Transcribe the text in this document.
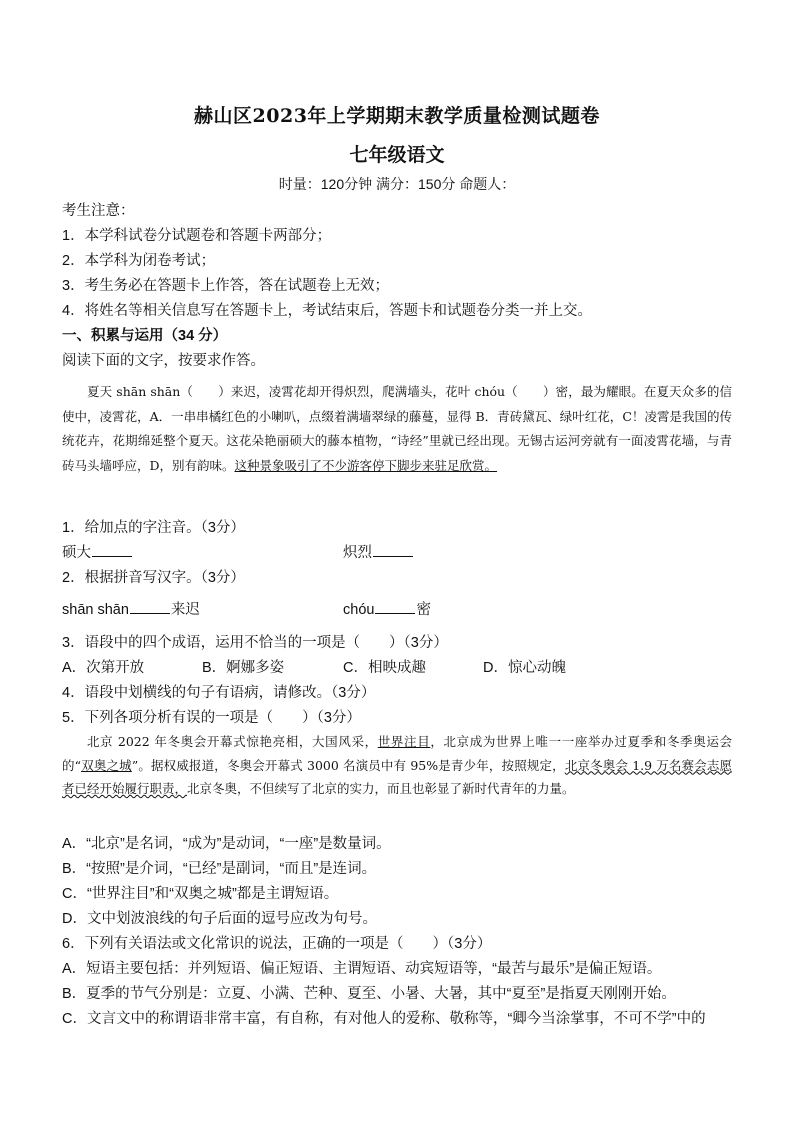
赫山区2023年上学期期末教学质量检测试题卷
七年级语文
时量：120分钟 满分：150分 命题人：
考生注意：
1．本学科试卷分试题卷和答题卡两部分；
2．本学科为闭卷考试；
3．考生务必在答题卡上作答，答在试题卷上无效；
4．将姓名等相关信息写在答题卡上，考试结束后，答题卡和试题卷分类一并上交。
一、积累与运用（34 分）
阅读下面的文字，按要求作答。
夏天 shān shān（　　）来迟，凌霄花却开得炽烈，爬满墙头，花叶 chóu（　　）密，最为耀眼。在夏天众多的信使中，凌霄花，A．一串串橘红色的小喇叭，点缀着满墙翠绿的藤蔓，显得 B．青砖黛瓦、绿叶红花，C！凌霄是我国的传统花卉，花期绵延整个夏天。这花朵艳丽硕大的藤本植物，“诗经”里就已经出现。无锡古运河旁就有一面凌霄花墙，与青砖马头墙呼应，D，别有韵味。这种景象吸引了不少游客停下脚步来驻足欣赏。
1．给加点的字注音。（3分）
硕大	炽烈
2．根据拼音写汉字。（3分）
shān shān	来迟	chóu	密
3．语段中的四个成语，运用不恰当的一项是（　　）（3分）
A．次第开放	B．婀娜多姿	C．相映成趣	D．惊心动魄
4．语段中划横线的句子有语病，请修改。（3分）
5．下列各项分析有误的一项是（　　）（3分）
北京 2022 年冬奥会开幕式惊艳亮相，大国风采，世界注目，北京成为世界上唯一一座举办过夏季和冬季奥运会的“双奥之城”。据权威报道，冬奥会开幕式 3000 名演员中有 95%是青少年，按照规定，北京冬奥会 1.9 万名赛会志愿者已经开始履行职责，北京冬奥，不但续写了北京的实力，而且也彰显了新时代青年的力量。
A．“北京”是名词，“成为”是动词，“一座”是数量词。
B．“按照”是介词，“已经”是副词，“而且”是连词。
C．“世界注目”和“双奥之城”都是主谓短语。
D．文中划波浪线的句子后面的逗号应改为句号。
6．下列有关语法或文化常识的说法，正确的一项是（　　）（3分）
A．短语主要包括：并列短语、偏正短语、主谓短语、动宾短语等，“最苦与最乐”是偏正短语。
B．夏季的节气分别是：立夏、小满、芒种、夏至、小暑、大暑，其中“夏至”是指夏天刚刚开始。
C．文言文中的称谓语非常丰富，有自称，有对他人的爱称、敬称等，“卿今当涂掌事，不可不学”中的
